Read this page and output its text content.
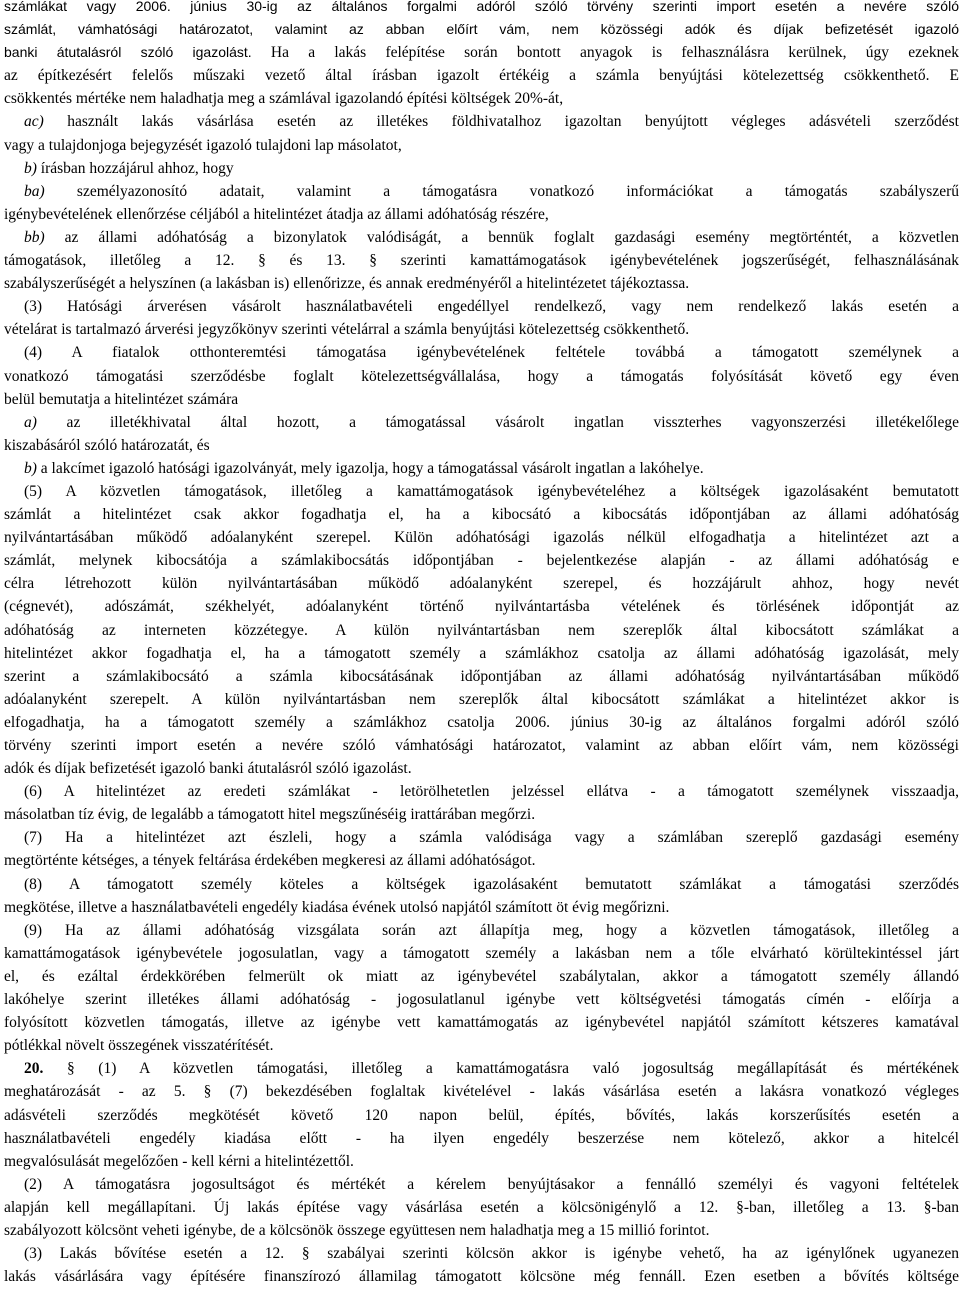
számlákat vagy 2006. június 30-ig az általános forgalmi adóról szóló törvény szerinti import esetén a nevére szóló
számlát, vámhatósági határozatot, valamint az abban előírt vám, nem közösségi adók és díjak befizetését igazoló
banki átutalásról szóló igazolást. Ha a lakás felépítése során bontott anyagok is felhasználásra kerülnek, úgy ezeknek
az építkezésért felelős műszaki vezető által írásban igazolt értékéig a számla benyújtási kötelezettség csökkenthető. E
csökkentés mértéke nem haladhatja meg a számlával igazolandó építési költségek 20%-át,
ac) használt lakás vásárlása esetén az illetékes földhivatalhoz igazoltan benyújtott végleges adásvételi szerződést
vagy a tulajdonjoga bejegyzését igazoló tulajdoni lap másolatot,
b) írásban hozzájárul ahhoz, hogy
ba) személyazonosító adatait, valamint a támogatásra vonatkozó információkat a támogatás szabályszerű
igénybevételének ellenőrzése céljából a hitelintézet átadja az állami adóhatóság részére,
bb) az állami adóhatóság a bizonylatok valódiságát, a bennük foglalt gazdasági esemény megtörténtét, a közvetlen
támogatások, illetőleg a 12. § és 13. § szerinti kamattámogatások igénybevételének jogszerűségét, felhasználásának
szabályszerűségét a helyszínen (a lakásban is) ellenőrizze, és annak eredményéről a hitelintézetet tájékoztassa.
(3) Hatósági árverésen vásárolt használatbavételi engedéllyel rendelkező, vagy nem rendelkező lakás esetén a
vételárat is tartalmazó árverési jegyzőkönyv szerinti vételárral a számla benyújtási kötelezettség csökkenthető.
(4) A fiatalok otthonteremtési támogatása igénybevételének feltétele továbbá a támogatott személynek a
vonatkozó támogatási szerződésbe foglalt kötelezettségvállalása, hogy a támogatás folyósítását követő egy éven
belül bemutatja a hitelintézet számára
a) az illetékhivatal által hozott, a támogatással vásárolt ingatlan visszterhes vagyonszerzési illetékelőlege
kiszabásáról szóló határozatát, és
b) a lakcímet igazoló hatósági igazolványát, mely igazolja, hogy a támogatással vásárolt ingatlan a lakóhelye.
(5) A közvetlen támogatások, illetőleg a kamattámogatások igénybevételéhez a költségek igazolásaként bemutatott
számlát a hitelintézet csak akkor fogadhatja el, ha a kibocsátó a kibocsátás időpontjában az állami adóhatóság
nyilvántartásában működő adóalanyként szerepel. Külön adóhatósági igazolás nélkül elfogadhatja a hitelintézet azt a
számlát, melynek kibocsátója a számlakibocsátás időpontjában - bejelentkezése alapján - az állami adóhatóság e
célra létrehozott külön nyilvántartásában működő adóalanyként szerepel, és hozzájárult ahhoz, hogy nevét
(cégnevét), adószámát, székhelyét, adóalanyként történő nyilvántartásba vételének és törlésének időpontját az
adóhatóság az interneten közzétegye. A külön nyilvántartásban nem szereplők által kibocsátott számlákat a
hitelintézet akkor fogadhatja el, ha a támogatott személy a számlákhoz csatolja az állami adóhatóság igazolását, mely
szerint a számlakibocsátó a számla kibocsátásának időpontjában az állami adóhatóság nyilvántartásában működő
adóalanyként szerepelt. A külön nyilvántartásban nem szereplők által kibocsátott számlákat a hitelintézet akkor is
elfogadhatja, ha a támogatott személy a számlákhoz csatolja 2006. június 30-ig az általános forgalmi adóról szóló
törvény szerinti import esetén a nevére szóló vámhatósági határozatot, valamint az abban előírt vám, nem közösségi
adók és díjak befizetését igazoló banki átutalásról szóló igazolást.
(6) A hitelintézet az eredeti számlákat - letörölhetetlen jelzéssel ellátva - a támogatott személynek visszaadja,
másolatban tíz évig, de legalább a támogatott hitel megszűnéséig irattárában megőrzi.
(7) Ha a hitelintézet azt észleli, hogy a számla valódisága vagy a számlában szereplő gazdasági esemény
megtörténte kétséges, a tények feltárása érdekében megkeresi az állami adóhatóságot.
(8) A támogatott személy köteles a költségek igazolásaként bemutatott számlákat a támogatási szerződés
megkötése, illetve a használatbavételi engedély kiadása évének utolsó napjától számított öt évig megőrizni.
(9) Ha az állami adóhatóság vizsgálata során azt állapítja meg, hogy a közvetlen támogatások, illetőleg a
kamattámogatások igénybevétele jogosulatlan, vagy a támogatott személy a lakásban nem a tőle elvárható körültekintéssel járt
el, és ezáltal érdekkörében felmerült ok miatt az igénybevétel szabálytalan, akkor a támogatott személy állandó
lakóhelye szerint illetékes állami adóhatóság - jogosulatlanul igénybe vett költségvetési támogatás címén - előírja a
folyósított közvetlen támogatás, illetve az igénybe vett kamattámogatás az igénybevétel napjától számított kétszeres kamatával
pótlékkal növelt összegének visszatérítését.
20. § (1) A közvetlen támogatási, illetőleg a kamattámogatásra való jogosultság megállapítását és mértékének
meghatározását - az 5. § (7) bekezdésében foglaltak kivételével - lakás vásárlása esetén a lakásra vonatkozó végleges
adásvételi szerződés megkötését követő 120 napon belül, építés, bővítés, lakás korszerűsítés esetén a
használatbavételi engedély kiadása előtt - ha ilyen engedély beszerzése nem kötelező, akkor a hitelcél
megvalósulását megelőzően - kell kérni a hitelintézettől.
(2) A támogatásra jogosultságot és mértékét a kérelem benyújtásakor a fennálló személyi és vagyoni feltételek
alapján kell megállapítani. Új lakás építése vagy vásárlása esetén a kölcsönigénylő a 12. §-ban, illetőleg a 13. §-ban
szabályozott kölcsönt veheti igénybe, de a kölcsönök összege együttesen nem haladhatja meg a 15 millió forintot.
(3) Lakás bővítése esetén a 12. § szabályai szerinti kölcsön akkor is igénybe vehető, ha az igénylőnek ugyanezen
lakás vásárlására vagy építésére finanszírozó államilag támogatott kölcsöne még fennáll. Ezen esetben a bővítés költsége
